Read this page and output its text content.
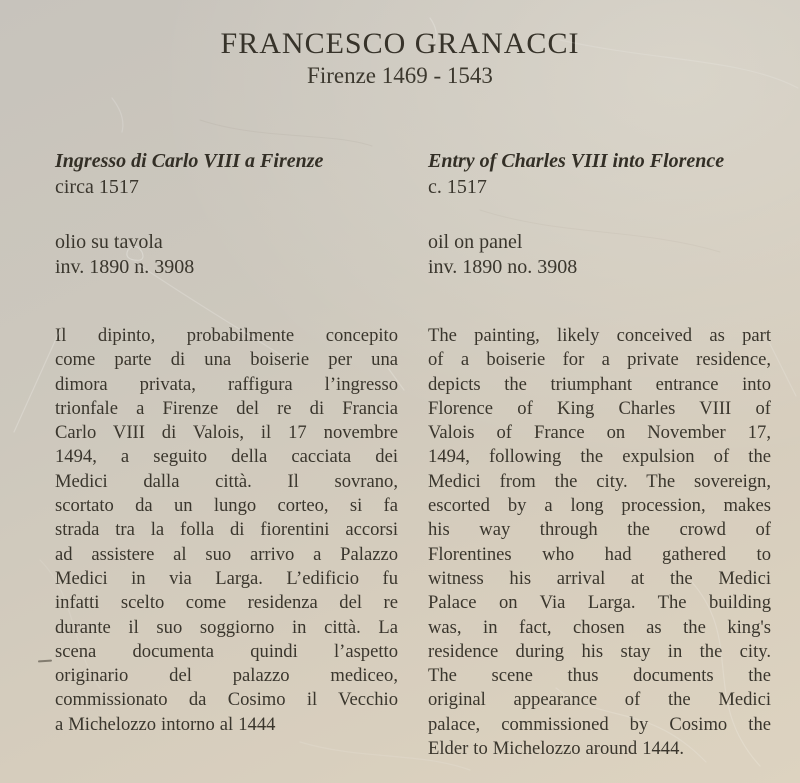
FRANCESCO GRANACCI
Firenze 1469 - 1543
Ingresso di Carlo VIII a Firenze
circa 1517
olio su tavola
inv. 1890 n. 3908
Il dipinto, probabilmente concepito
come parte di una boiserie per una
dimora privata, raffigura l’ingresso
trionfale a Firenze del re di Francia
Carlo VIII di Valois, il 17 novembre
1494, a seguito della cacciata dei
Medici dalla città. Il sovrano,
scortato da un lungo corteo, si fa
strada tra la folla di fiorentini accorsi
ad assistere al suo arrivo a Palazzo
Medici in via Larga. L’edificio fu
infatti scelto come residenza del re
durante il suo soggiorno in città. La
scena documenta quindi l’aspetto
originario del palazzo mediceo,
commissionato da Cosimo il Vecchio
a Michelozzo intorno al 1444
Entry of Charles VIII into Florence
c. 1517
oil on panel
inv. 1890 no. 3908
The painting, likely conceived as part
of a boiserie for a private residence,
depicts the triumphant entrance into
Florence of King Charles VIII of
Valois of France on November 17,
1494, following the expulsion of the
Medici from the city. The sovereign,
escorted by a long procession, makes
his way through the crowd of
Florentines who had gathered to
witness his arrival at the Medici
Palace on Via Larga. The building
was, in fact, chosen as the king's
residence during his stay in the city.
The scene thus documents the
original appearance of the Medici
palace, commissioned by Cosimo the
Elder to Michelozzo around 1444.
